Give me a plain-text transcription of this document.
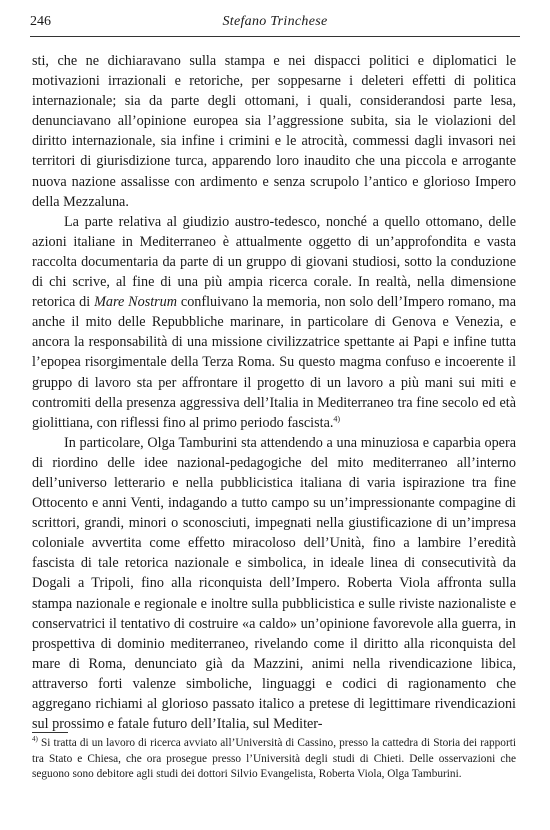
246	Stefano Trinchese

sti, che ne dichiaravano sulla stampa e nei dispacci politici e diplomatici le motivazioni irrazionali e retoriche, per soppesarne i deleteri effetti di politica internazionale; sia da parte degli ottomani, i quali, considerandosi parte lesa, denunciavano all’opinione europea sia l’aggressione subita, sia le violazioni del diritto internazionale, sia infine i crimini e le atrocità, commessi dagli invasori nei territori di giurisdizione turca, apparendo loro inaudito che una piccola e arrogante nuova nazione assalisse con ardimento e senza scrupolo l’antico e glorioso Impero della Mezzaluna.

La parte relativa al giudizio austro-tedesco, nonché a quello ottomano, delle azioni italiane in Mediterraneo è attualmente oggetto di un’approfondita e vasta raccolta documentaria da parte di un gruppo di giovani studiosi, sotto la conduzione di chi scrive, al fine di una più ampia ricerca corale. In realtà, nella dimensione retorica di Mare Nostrum confluivano la memoria, non solo dell’Impero romano, ma anche il mito delle Repubbliche marinare, in particolare di Genova e Venezia, e ancora la responsabilità di una missione civilizzatrice spettante ai Papi e infine tutta l’epopea risorgimentale della Terza Roma. Su questo magma confuso e incoerente il gruppo di lavoro sta per affrontare il progetto di un lavoro a più mani sui miti e contromiti della presenza aggressiva dell’Italia in Mediterraneo tra fine secolo ed età giolittiana, con riflessi fino al primo periodo fascista.$^{4)}$

In particolare, Olga Tamburini sta attendendo a una minuziosa e caparbia opera di riordino delle idee nazional-pedagogiche del mito mediterraneo all’interno dell’universo letterario e nella pubblicistica italiana di varia ispirazione tra fine Ottocento e anni Venti, indagando a tutto campo su un’impressionante compagine di scrittori, grandi, minori o sconosciuti, impegnati nella giustificazione di un’impresa coloniale avvertita come effetto miracoloso dell’Unità, fino a lambire l’eredità fascista di tale retorica nazionale e simbolica, in ideale linea di consecutività da Dogali a Tripoli, fino alla riconquista dell’Impero. Roberta Viola affronta sulla stampa nazionale e regionale e inoltre sulla pubblicistica e sulle riviste nazionaliste e conservatrici il tentativo di costruire «a caldo» un’opinione favorevole alla guerra, in prospettiva di dominio mediterraneo, rivelando come il diritto alla riconquista del mare di Roma, denunciato già da Mazzini, animi nella rivendicazione libica, attraverso forti valenze simboliche, linguaggi e codici di ragionamento che aggregano richiami al glorioso passato italico a pretese di legittimare rivendicazioni sul prossimo e fatale futuro dell’Italia, sul Mediter-

$^{4)}$ Si tratta di un lavoro di ricerca avviato all’Università di Cassino, presso la cattedra di Storia dei rapporti tra Stato e Chiesa, che ora prosegue presso l’Università degli studi di Chieti. Delle osservazioni che seguono sono debitore agli studi dei dottori Silvio Evangelista, Roberta Viola, Olga Tamburini.
